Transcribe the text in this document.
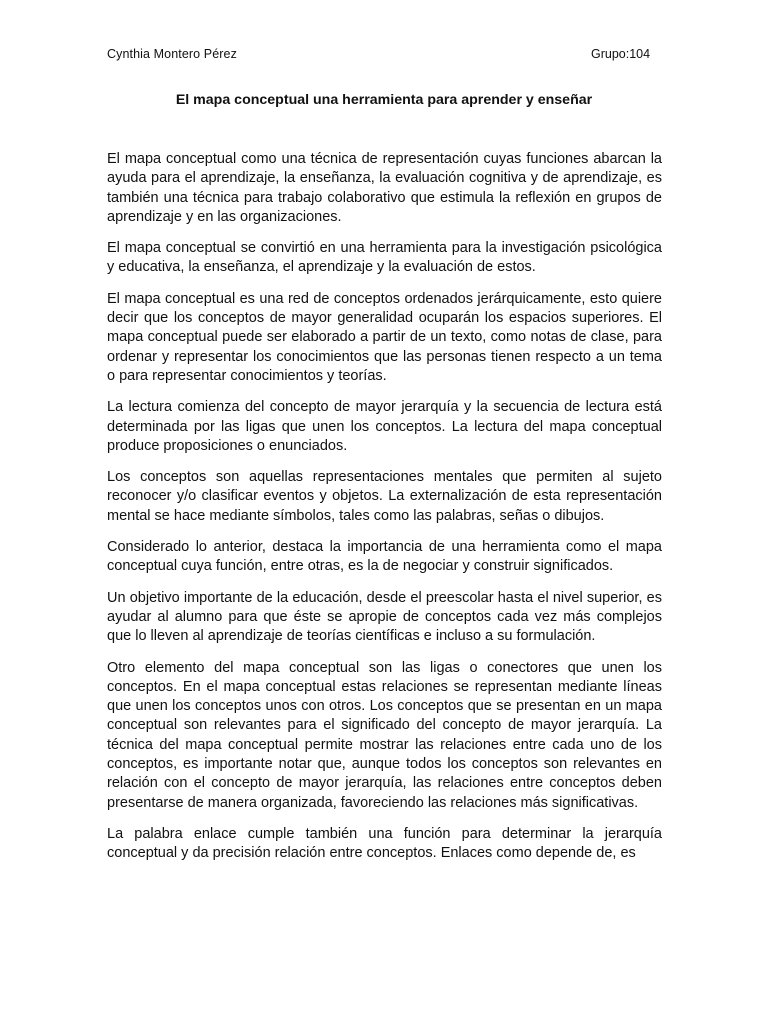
Cynthia Montero Pérez	Grupo:104
El mapa conceptual una herramienta para aprender y enseñar

El mapa conceptual como una técnica de representación cuyas funciones abarcan la ayuda para el aprendizaje, la enseñanza, la evaluación cognitiva y de aprendizaje, es también una técnica para trabajo colaborativo que estimula la reflexión en grupos de aprendizaje y en las organizaciones.

El mapa conceptual se convirtió en una herramienta para la investigación psicológica y educativa, la enseñanza, el aprendizaje y la evaluación de estos.

El mapa conceptual es una red de conceptos ordenados jerárquicamente, esto quiere decir que los conceptos de mayor generalidad ocuparán los espacios superiores. El mapa conceptual puede ser elaborado a partir de un texto, como notas de clase, para ordenar y representar los conocimientos que las personas tienen respecto a un tema o para representar conocimientos y teorías.

La lectura comienza del concepto de mayor jerarquía y la secuencia de lectura está determinada por las ligas que unen los conceptos. La lectura del mapa conceptual produce proposiciones o enunciados.

Los conceptos son aquellas representaciones mentales que permiten al sujeto reconocer y/o clasificar eventos y objetos. La externalización de esta representación mental se hace mediante símbolos, tales como las palabras, señas o dibujos.

Considerado lo anterior, destaca la importancia de una herramienta como el mapa conceptual cuya función, entre otras, es la de negociar y construir significados.

Un objetivo importante de la educación, desde el preescolar hasta el nivel superior, es ayudar al alumno para que éste se apropie de conceptos cada vez más complejos que lo lleven al aprendizaje de teorías científicas e incluso a su formulación.

Otro elemento del mapa conceptual son las ligas o conectores que unen los conceptos. En el mapa conceptual estas relaciones se representan mediante líneas que unen los conceptos unos con otros. Los conceptos que se presentan en un mapa conceptual son relevantes para el significado del concepto de mayor jerarquía. La técnica del mapa conceptual permite mostrar las relaciones entre cada uno de los conceptos, es importante notar que, aunque todos los conceptos son relevantes en relación con el concepto de mayor jerarquía, las relaciones entre conceptos deben presentarse de manera organizada, favoreciendo las relaciones más significativas.

La palabra enlace cumple también una función para determinar la jerarquía conceptual y da precisión relación entre conceptos. Enlaces como depende de, es
